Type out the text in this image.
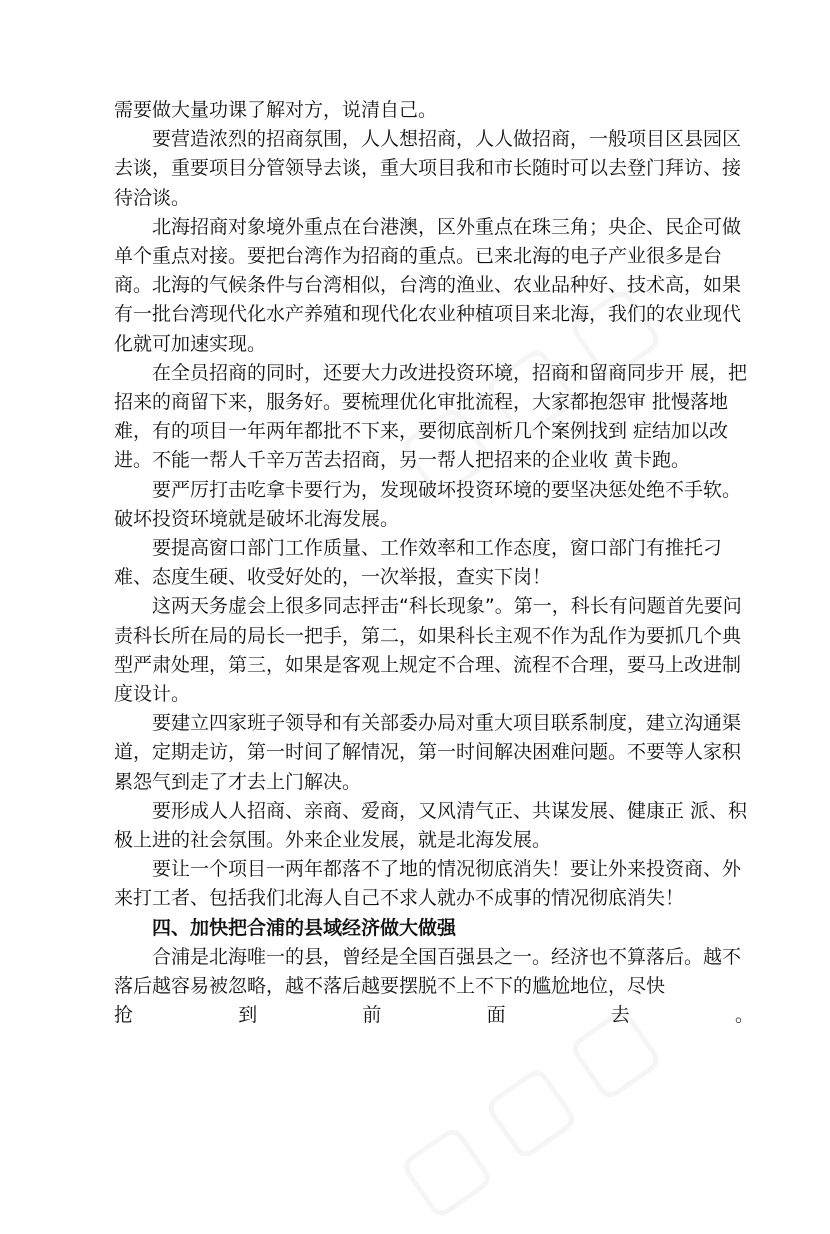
需要做大量功课了解对方，说清自己。

要营造浓烈的招商氛围，人人想招商，人人做招商，一般项目区县园区去谈，重要项目分管领导去谈，重大项目我和市长随时可以去登门拜访、接待洽谈。

北海招商对象境外重点在台港澳，区外重点在珠三角；央企、民企可做单个重点对接。要把台湾作为招商的重点。已来北海的电子产业很多是台商。北海的气候条件与台湾相似，台湾的渔业、农业品种好、技术高，如果有一批台湾现代化水产养殖和现代化农业种植项目来北海，我们的农业现代化就可加速实现。

在全员招商的同时，还要大力改进投资环境，招商和留商同步开 展，把招来的商留下来，服务好。要梳理优化审批流程，大家都抱怨审 批慢落地难，有的项目一年两年都批不下来，要彻底剖析几个案例找到 症结加以改进。不能一帮人千辛万苦去招商，另一帮人把招来的企业收 黄卡跑。

要严厉打击吃拿卡要行为，发现破坏投资环境的要坚决惩处绝不手软。破坏投资环境就是破坏北海发展。

要提高窗口部门工作质量、工作效率和工作态度，窗口部门有推托刁难、态度生硬、收受好处的，一次举报，查实下岗！

这两天务虚会上很多同志抨击“科长现象”。第一，科长有问题首先要问责科长所在局的局长一把手，第二，如果科长主观不作为乱作为要抓几个典型严肃处理，第三，如果是客观上规定不合理、流程不合理，要马上改进制度设计。

要建立四家班子领导和有关部委办局对重大项目联系制度，建立沟通渠道，定期走访，第一时间了解情况，第一时间解决困难问题。不要等人家积累怨气到走了才去上门解决。

要形成人人招商、亲商、爱商，又风清气正、共谋发展、健康正 派、积极上进的社会氛围。外来企业发展，就是北海发展。

要让一个项目一两年都落不了地的情况彻底消失！要让外来投资商、外来打工者、包括我们北海人自己不求人就办不成事的情况彻底消失！

四、加快把合浦的县域经济做大做强

合浦是北海唯一的县，曾经是全国百强县之一。经济也不算落后。越不落后越容易被忽略，越不落后越要摆脱不上不下的尴尬地位，尽快

抢到前面去。
